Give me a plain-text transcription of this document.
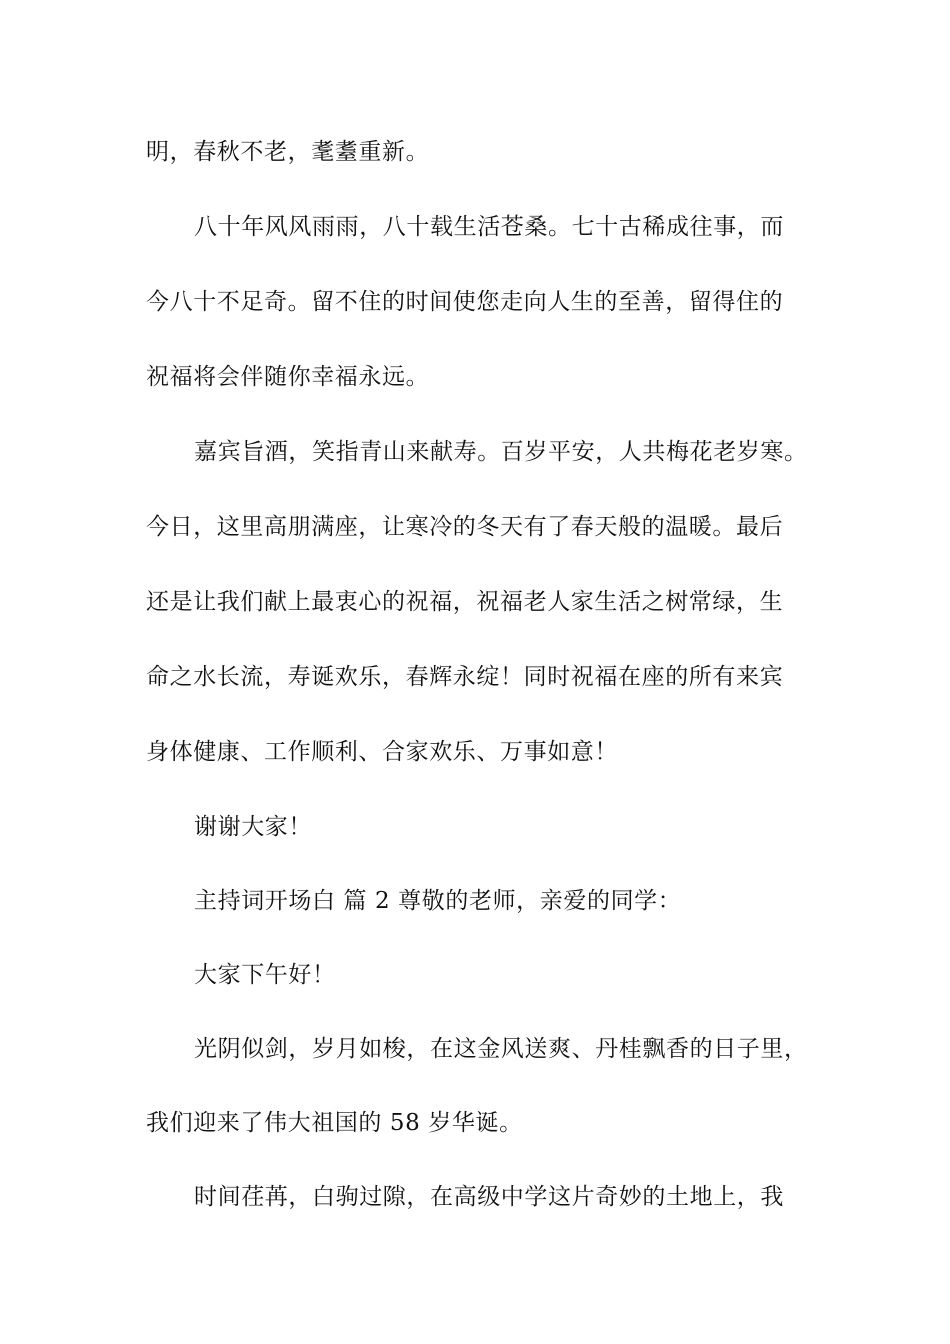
明，春秋不老，耄耋重新。
八十年风风雨雨，八十载生活苍桑。七十古稀成往事，而
今八十不足奇。留不住的时间使您走向人生的至善，留得住的
祝福将会伴随你幸福永远。
嘉宾旨酒，笑指青山来献寿。百岁平安，人共梅花老岁寒。
今日，这里高朋满座，让寒冷的冬天有了春天般的温暖。最后
还是让我们献上最衷心的祝福，祝福老人家生活之树常绿，生
命之水长流，寿诞欢乐，春辉永绽！同时祝福在座的所有来宾
身体健康、工作顺利、合家欢乐、万事如意！
谢谢大家！
主持词开场白 篇 2 尊敬的老师，亲爱的同学：
大家下午好！
光阴似剑，岁月如梭，在这金风送爽、丹桂飘香的日子里，
我们迎来了伟大祖国的 58 岁华诞。
时间荏苒，白驹过隙，在高级中学这片奇妙的土地上，我
